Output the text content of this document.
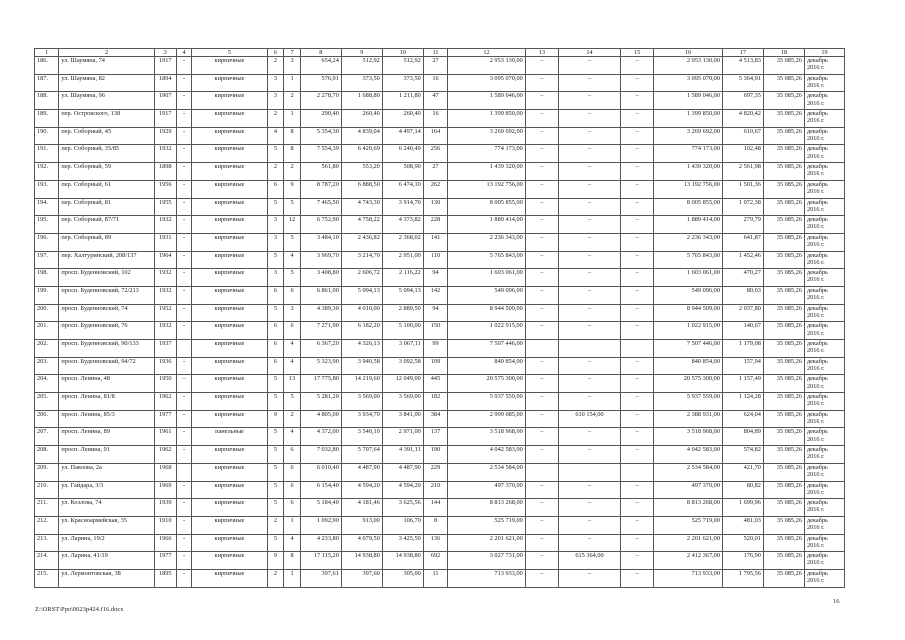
1	2	3	4	5	6	7	8	9	10	11	12	13	14	15	16	17	18	19
186.	ул. Шаумяна, 74	1917	-	кирпичные	2	3	654,24	512,92	512,92	27	2 953 130,00	–	–	–	2 953 130,00	4 513,83	35 085,26	декабрь 2016 г.
187.	ул. Шаумяна, 82	1894	-	кирпичные	3	1	576,91	373,50	373,50	16	3 095 070,00	–	–	–	3 095 070,00	5 364,91	35 085,26	декабрь 2016 г.
188.	ул. Шаумяна, 96	1907	-	кирпичные	3	2	2 278,70	1 688,80	1 211,80	47	1 589 046,00	–	–	–	1 589 046,00	697,35	35 085,26	декабрь 2016 г.
189.	пер. Островского, 138	1917	-	кирпичные	2	1	290,40	260,40	260,40	16	1 399 850,00	–	–	–	1 399 850,00	4 820,42	35 085,26	декабрь 2016 г.
190.	пер. Соборный, 45	1929	-	кирпичные	4	8	5 354,30	4 839,04	4 497,14	164	3 269 692,00	–	–	–	3 269 692,00	610,67	35 085,26	декабрь 2016 г.
191.	пер. Соборный, 35/85	1932	-	кирпичные	5	8	7 554,39	6 420,69	6 240,49	256	774 173,00	–	–	–	774 173,00	102,48	35 085,26	декабрь 2016 г.
192.	пер. Соборный, 59	1898	-	кирпичные	2	2	561,80	553,20	508,90	27	1 439 320,00	–	–	–	1 439 320,00	2 561,98	35 085,26	декабрь 2016 г.
193.	пер. Соборный, 61	1956	-	кирпичные	6	9	8 787,20	6 888,50	6 474,10	262	13 192 756,00	–	–	–	13 192 756,00	1 501,36	35 085,26	декабрь 2016 г.
194.	пер. Соборный, 81	1955	-	кирпичные	5	5	7 465,50	4 743,30	3 914,70	130	8 005 855,00	–	–	–	8 005 855,00	1 072,38	35 085,26	декабрь 2016 г.
195.	пер. Соборный, 87/71	1932	-	кирпичные	3	12	6 752,90	4 758,22	4 373,82	228	1 889 414,00	–	–	–	1 889 414,00	279,79	35 085,26	декабрь 2016 г.
196.	пер. Соборный, 89	1931	-	кирпичные	3	5	3 484,10	2 436,82	2 368,02	141	2 236 343,00	–	–	–	2 236 343,00	641,87	35 085,26	декабрь 2016 г.
197.	пер. Халтуринский, 208/137	1964	-	кирпичные	5	4	3 969,70	3 214,70	2 951,00	110	5 765 843,00	–	–	–	5 765 843,00	1 452,46	35 085,26	декабрь 2016 г.
198.	просп. Буденновский, 102	1932	-	кирпичные	3	5	3 408,80	2 606,72	2 116,22	94	1 603 061,00	–	–	–	1 603 061,00	470,27	35 085,26	декабрь 2016 г.
199.	просп. Буденновский, 72/213	1932	-	кирпичные	6	6	6 861,00	5 094,13	5 094,13	142	549 096,00	–	–	–	549 096,00	80,03	35 085,26	декабрь 2016 г.
200.	просп. Буденновский, 74	1952	–	кирпичные	5	3	4 389,30	4 010,00	2 889,50	94	8 944 509,00	–	–	–	8 944 509,00	2 037,80	35 085,26	декабрь 2016 г.
201.	просп. Буденновский, 76	1932	-	кирпичные	6	6	7 271,90	6 182,20	5 100,00	150	1 022 915,00	–	–	–	1 022 915,00	140,67	35 085,26	декабрь 2016 г.
202.	просп. Буденновский, 90/133	1937		кирпичные	6	4	6 367,20	4 326,13	3 067,11	99	7 507 446,00				7 507 446,00	1 179,08	35 085,26	декабрь 2016 г.
203.	просп. Буденновский, 94/72	1936	-	кирпичные	6	4	5 323,90	3 940,58	3 092,58	109	840 854,00	–	–	–	840 854,00	157,94	35 085,26	декабрь 2016 г.
204.	просп. Ленина, 48	1950	–	кирпичные	5	13	17 775,80	14 219,60	12 049,00	445	20 575 300,00	–	–	–	20 575 300,00	1 157,49	35 085,26	декабрь 2016 г.
205.	просп. Ленина, 81/8	1962	-	кирпичные	5	5	5 281,20	3 569,00	3 569,00	182	5 937 559,00	–	–	–	5 937 559,00	1 124,28	35 085,26	декабрь 2016 г.
206.	просп. Ленина, 85/3	1977	–	кирпичные	9	2	4 805,00	3 934,70	3 841,00	384	2 999 085,00	–	610 154,00	–	2 388 931,00	624,04	35 085,26	декабрь 2016 г.
207.	просп. Ленина, 89	1961	-	панельные	5	4	4 372,00	3 540,10	2 971,00	137	3 518 968,00	–	–	–	3 518 968,00	804,89	35 085,26	декабрь 2016 г.
208.	просп. Ленина, 91	1962	-	кирпичные	5	6	7 032,80	5 707,64	4 391,11	190	4 042 583,00	–	–	–	4 042 583,00	574,82	35 085,26	декабрь 2016 г.
209.	ул. Павлова, 2а	1968		кирпичные	5	6	6 010,40	4 487,90	4 487,90	229	2 534 584,00				2 534 584,00	421,70	35 085,26	декабрь 2016 г.
210.	ул. Гайдара, 3/3	1969	-	кирпичные	5	6	6 154,40	4 594,20	4 594,20	210	497 370,00	–	–	–	497 370,00	80,82	35 085,26	декабрь 2016 г.
211.	ул. Козлова, 74	1939	-	кирпичные	5	6	5 184,40	4 181,46	3 625,56	144	8 813 268,00	–	–	–	8 813 268,00	1 699,96	35 085,26	декабрь 2016 г.
212.	ул. Красноармейская, 35	1910	-	кирпичные	2	1	1 092,90	913,00	106,70	8	525 719,00	–	–	–	525 719,00	481,03	35 085,26	декабрь 2016 г.
213.	ул. Ларина, 19/2	1966	-	кирпичные	5	4	4 233,80	4 079,50	3 425,50	136	2 201 621,00	–	–	–	2 201 621,00	520,01	35 085,26	декабрь 2016 г.
214.	ул. Ларина, 41/19	1977	-	кирпичные	9	8	17 115,20	14 938,80	14 938,80	692	3 027 731,00	–	615 364,00	–	2 412 367,00	176,90	35 085,26	декабрь 2016 г.
215.	ул. Лермонтовская, 38	1895	-	кирпичные	2	1	397,61	397,60	305,00	11	713 933,00	–	–	–	713 933,00	1 795,56	35 085,26	декабрь 2016 г.
16
Z:\ORST\Ppo\0623p424.f16.docx
